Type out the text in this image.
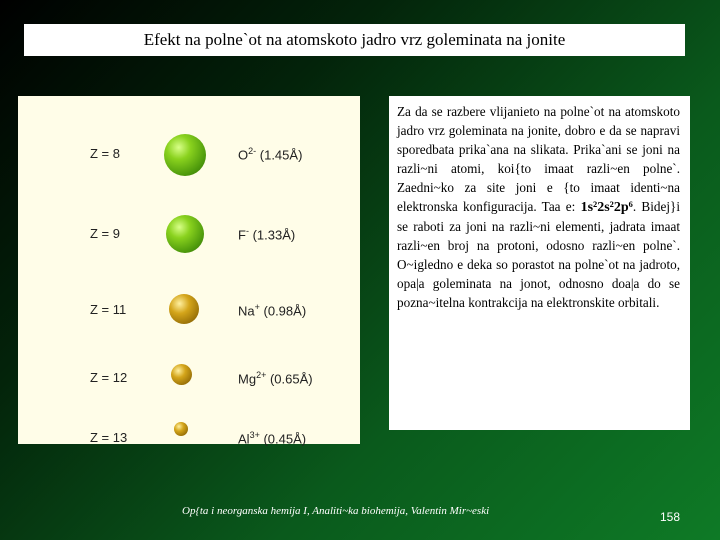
Efekt na polne`ot na atomskoto jadro vrz goleminata na jonite
Z = 8	$O^{2-}$ (1.45Å)
Z = 9	F- (1.33Å)
Z = 11	Na+ (0.98Å)
Z = 12	$Mg^{2+}$ (0.65Å)
Z = 13	$Al^{3+}$ (0.45Å)
Za da se razbere vlijanieto na polne`ot na atomskoto jadro vrz goleminata na jonite, dobro e da se napravi sporedbata prika`ana na slikata. Prika`ani se joni na razli~ni atomi, koi{to imaat razli~en polne`. Zaedni~ko za site joni e {to imaat identi~na elektronska konfiguracija. Taa e: 1s²2s²2p⁶. Bidej}i se raboti za joni na razli~ni elementi, jadrata imaat razli~en broj na protoni, odosno razli~en polne`. O~igledno e deka so porastot na polne`ot na jadroto, opa|a goleminata na jonot, odnosno doa|a do se pozna~itelna kontrakcija na elektronskite orbitali.
Op{ta i neorganska hemija I, Analiti~ka biohemija, Valentin Mir~eski	158
